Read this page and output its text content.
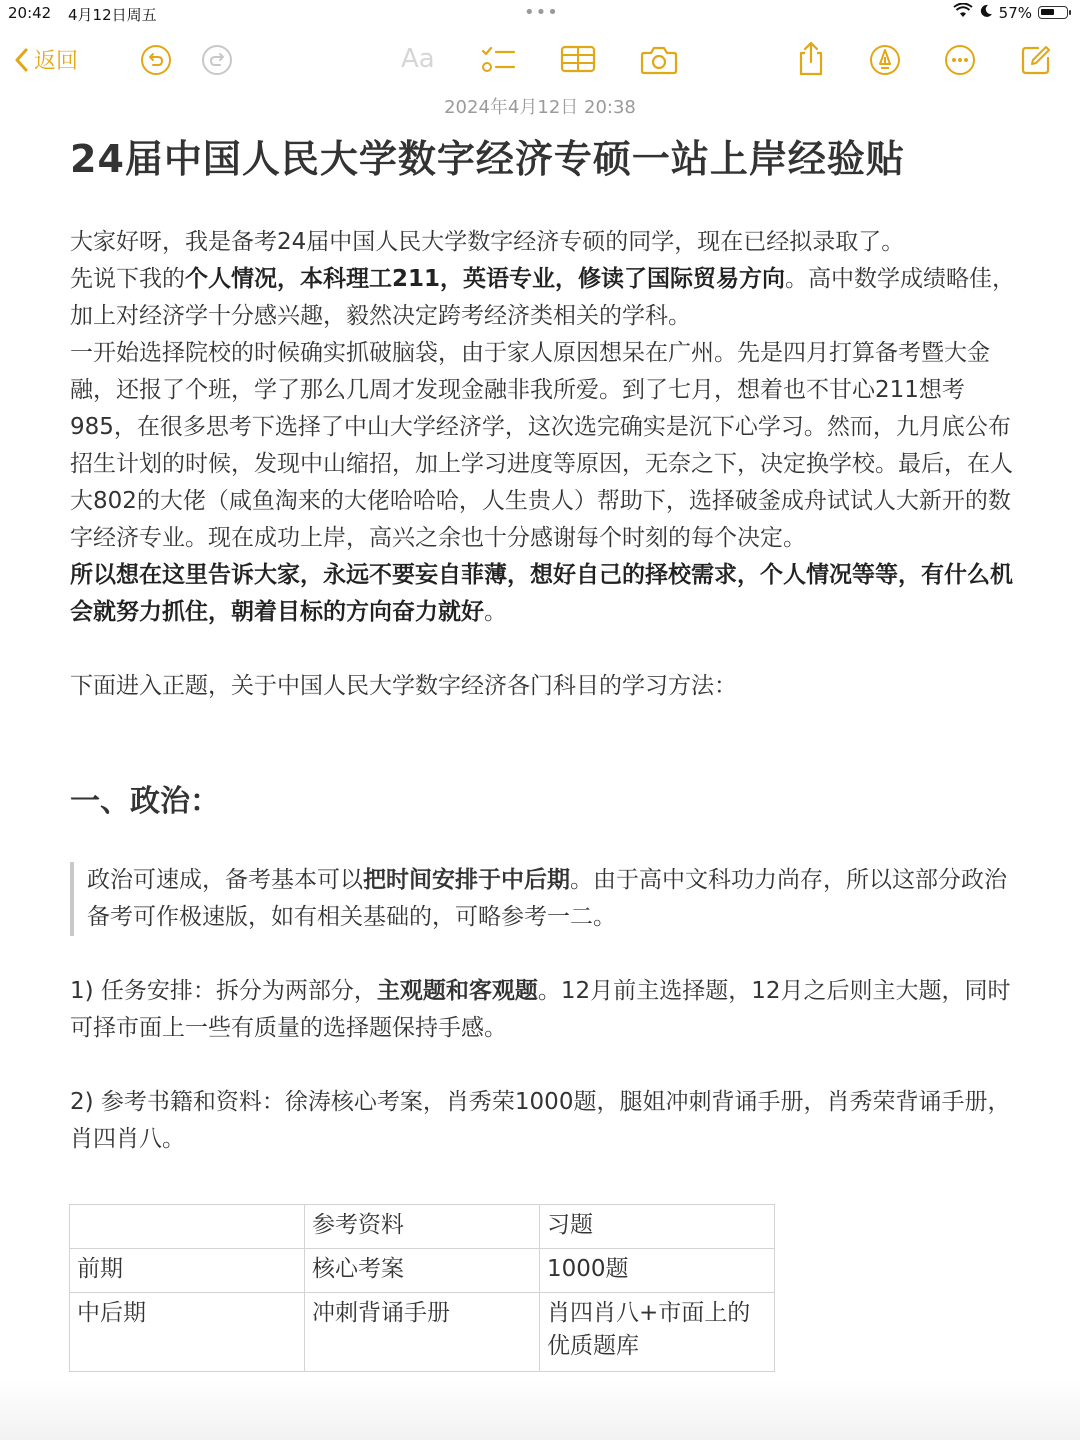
20:42 4月12日周五	•••	57%
返回	Aa
2024年4月12日 20:38
24届中国人民大学数字经济专硕一站上岸经验贴

大家好呀，我是备考24届中国人民大学数字经济专硕的同学，现在已经拟录取了。

先说下我的个人情况，本科理工211，英语专业，修读了国际贸易方向。高中数学成绩略佳，加上对经济学十分感兴趣，毅然决定跨考经济类相关的学科。

一开始选择院校的时候确实抓破脑袋，由于家人原因想呆在广州。先是四月打算备考暨大金融，还报了个班，学了那么几周才发现金融非我所爱。到了七月，想着也不甘心211想考985，在很多思考下选择了中山大学经济学，这次选完确实是沉下心学习。然而，九月底公布招生计划的时候，发现中山缩招，加上学习进度等原因，无奈之下，决定换学校。最后，在人大802的大佬（咸鱼淘来的大佬哈哈哈，人生贵人）帮助下，选择破釜成舟试试人大新开的数字经济专业。现在成功上岸，高兴之余也十分感谢每个时刻的每个决定。

所以想在这里告诉大家，永远不要妄自菲薄，想好自己的择校需求，个人情况等等，有什么机会就努力抓住，朝着目标的方向奋力就好。

下面进入正题，关于中国人民大学数字经济各门科目的学习方法：

一、政治：

政治可速成，备考基本可以把时间安排于中后期。由于高中文科功力尚存，所以这部分政治备考可作极速版，如有相关基础的，可略参考一二。

1) 任务安排：拆分为两部分，主观题和客观题。12月前主选择题，12月之后则主大题，同时可择市面上一些有质量的选择题保持手感。

2) 参考书籍和资料：徐涛核心考案，肖秀荣1000题，腿姐冲刺背诵手册，肖秀荣背诵手册，肖四肖八。

	参考资料	习题
前期	核心考案	1000题
中后期	冲刺背诵手册	肖四肖八+市面上的优质题库
